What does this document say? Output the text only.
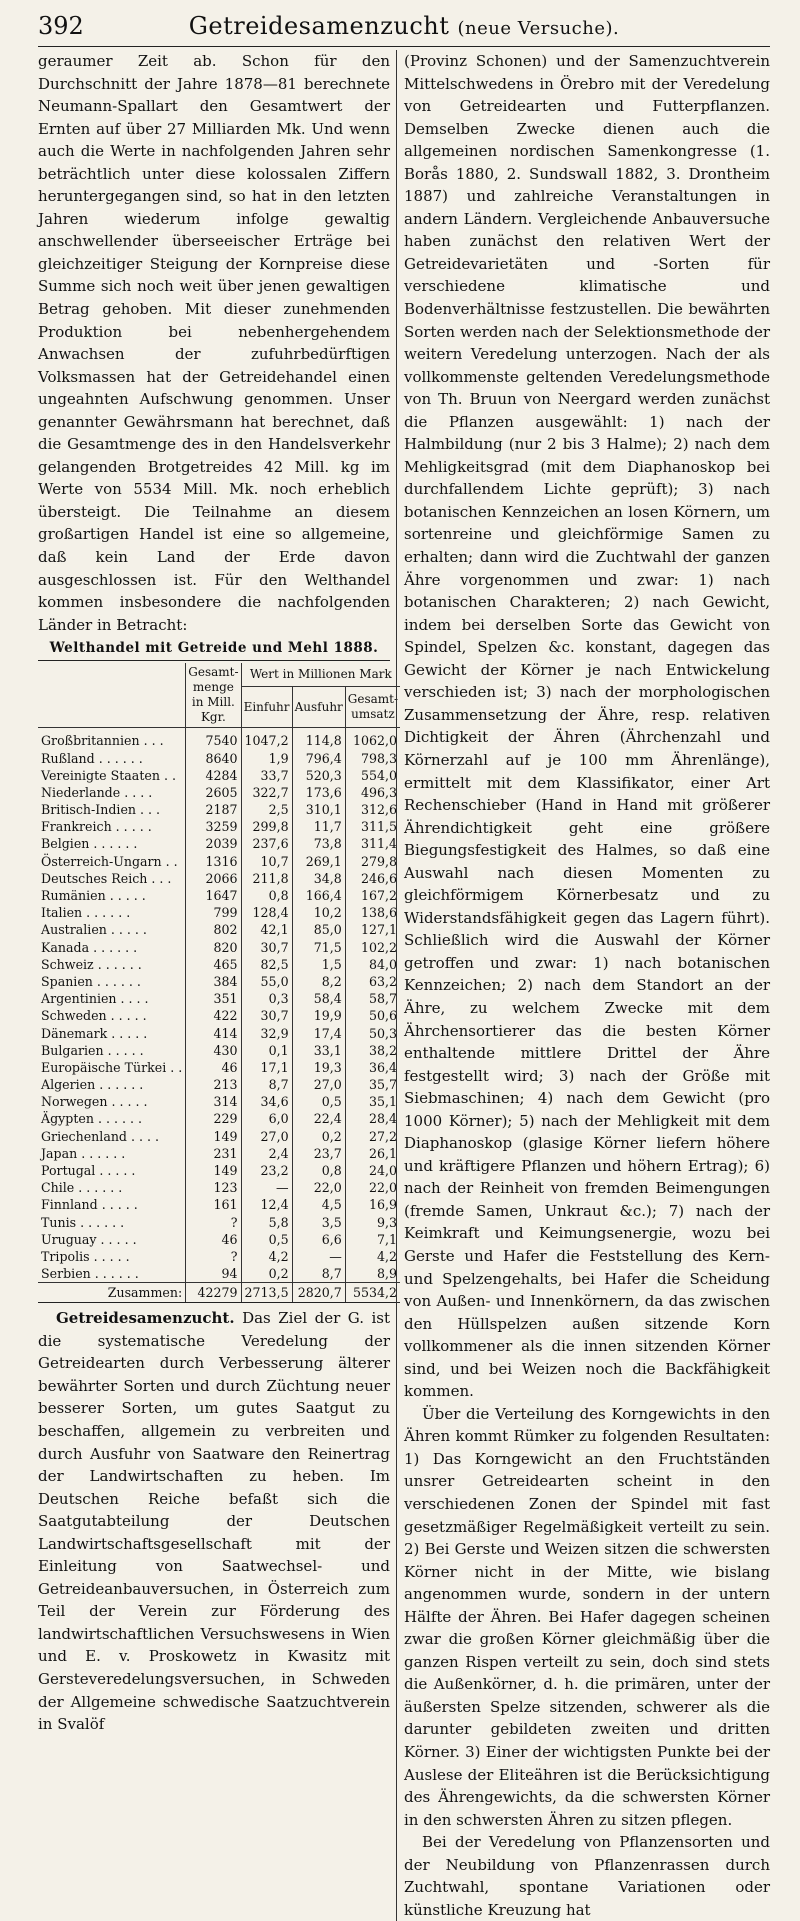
392	Getreidesamenzucht (neue Versuche).

geraumer Zeit ab. Schon für den Durchschnitt der Jahre 1878—81 berechnete Neumann-Spallart den Gesamtwert der Ernten auf über 27 Milliarden Mk. Und wenn auch die Werte in nachfolgenden Jahren sehr beträchtlich unter diese kolossalen Ziffern heruntergegangen sind, so hat in den letzten Jahren wiederum infolge gewaltig anschwellender überseeischer Erträge bei gleichzeitiger Steigung der Kornpreise diese Summe sich noch weit über jenen gewaltigen Betrag gehoben. Mit dieser zunehmenden Produktion bei nebenhergehendem Anwachsen der zufuhrbedürftigen Volksmassen hat der Getreidehandel einen ungeahnten Aufschwung genommen. Unser genannter Gewährsmann hat berechnet, daß die Gesamtmenge des in den Handelsverkehr gelangenden Brotgetreides 42 Mill. kg im Werte von 5534 Mill. Mk. noch erheblich übersteigt. Die Teilnahme an diesem großartigen Handel ist eine so allgemeine, daß kein Land der Erde davon ausgeschlossen ist. Für den Welthandel kommen insbesondere die nachfolgenden Länder in Betracht:

Welthandel mit Getreide und Mehl 1888.
	Gesamt-menge in Mill. Kgr.	Wert in Millionen Mark		
		Einfuhr	Ausfuhr	Gesamt-umsatz
Großbritannien . . .	7540	1047,2	114,8	1062,0
Rußland . . . . . .	8640	1,9	796,4	798,3
Vereinigte Staaten . .	4284	33,7	520,3	554,0
Niederlande . . . .	2605	322,7	173,6	496,3
Britisch-Indien . . .	2187	2,5	310,1	312,6
Frankreich . . . . .	3259	299,8	11,7	311,5
Belgien . . . . . .	2039	237,6	73,8	311,4
Österreich-Ungarn . .	1316	10,7	269,1	279,8
Deutsches Reich . . .	2066	211,8	34,8	246,6
Rumänien . . . . .	1647	0,8	166,4	167,2
Italien . . . . . .	799	128,4	10,2	138,6
Australien . . . . .	802	42,1	85,0	127,1
Kanada . . . . . .	820	30,7	71,5	102,2
Schweiz . . . . . .	465	82,5	1,5	84,0
Spanien . . . . . .	384	55,0	8,2	63,2
Argentinien . . . .	351	0,3	58,4	58,7
Schweden . . . . .	422	30,7	19,9	50,6
Dänemark . . . . .	414	32,9	17,4	50,3
Bulgarien . . . . .	430	0,1	33,1	38,2
Europäische Türkei . .	46	17,1	19,3	36,4
Algerien . . . . . .	213	8,7	27,0	35,7
Norwegen . . . . .	314	34,6	0,5	35,1
Ägypten . . . . . .	229	6,0	22,4	28,4
Griechenland . . . .	149	27,0	0,2	27,2
Japan . . . . . .	231	2,4	23,7	26,1
Portugal . . . . .	149	23,2	0,8	24,0
Chile . . . . . .	123	—	22,0	22,0
Finnland . . . . .	161	12,4	4,5	16,9
Tunis . . . . . .	?	5,8	3,5	9,3
Uruguay . . . . .	46	0,5	6,6	7,1
Tripolis . . . . .	?	4,2	—	4,2
Serbien . . . . . .	94	0,2	8,7	8,9
Zusammen:	42279	2713,5	2820,7	5534,2

Getreidesamenzucht. Das Ziel der G. ist die systematische Veredelung der Getreidearten durch Verbesserung älterer bewährter Sorten und durch Züchtung neuer besserer Sorten, um gutes Saatgut zu beschaffen, allgemein zu verbreiten und durch Ausfuhr von Saatware den Reinertrag der Landwirtschaften zu heben. Im Deutschen Reiche befaßt sich die Saatgutabteilung der Deutschen Landwirtschaftsgesellschaft mit der Einleitung von Saatwechsel- und Getreideanbauversuchen, in Österreich zum Teil der Verein zur Förderung des landwirtschaftlichen Versuchswesens in Wien und E. v. Proskowetz in Kwasitz mit Gersteveredelungsversuchen, in Schweden der Allgemeine schwedische Saatzuchtverein in Svalöf

(Provinz Schonen) und der Samenzuchtverein Mittelschwedens in Örebro mit der Veredelung von Getreidearten und Futterpflanzen. Demselben Zwecke dienen auch die allgemeinen nordischen Samenkongresse (1. Borås 1880, 2. Sundswall 1882, 3. Drontheim 1887) und zahlreiche Veranstaltungen in andern Ländern. Vergleichende Anbauversuche haben zunächst den relativen Wert der Getreidevarietäten und -Sorten für verschiedene klimatische und Bodenverhältnisse festzustellen. Die bewährten Sorten werden nach der Selektionsmethode der weitern Veredelung unterzogen. Nach der als vollkommenste geltenden Veredelungsmethode von Th. Bruun von Neergard werden zunächst die Pflanzen ausgewählt: 1) nach der Halmbildung (nur 2 bis 3 Halme); 2) nach dem Mehligkeitsgrad (mit dem Diaphanoskop bei durchfallendem Lichte geprüft); 3) nach botanischen Kennzeichen an losen Körnern, um sortenreine und gleichförmige Samen zu erhalten; dann wird die Zuchtwahl der ganzen Ähre vorgenommen und zwar: 1) nach botanischen Charakteren; 2) nach Gewicht, indem bei derselben Sorte das Gewicht von Spindel, Spelzen &c. konstant, dagegen das Gewicht der Körner je nach Entwickelung verschieden ist; 3) nach der morphologischen Zusammensetzung der Ähre, resp. relativen Dichtigkeit der Ähren (Ährchenzahl und Körnerzahl auf je 100 mm Ährenlänge), ermittelt mit dem Klassifikator, einer Art Rechenschieber (Hand in Hand mit größerer Ährendichtigkeit geht eine größere Biegungsfestigkeit des Halmes, so daß eine Auswahl nach diesen Momenten zu gleichförmigem Körnerbesatz und zu Widerstandsfähigkeit gegen das Lagern führt). Schließlich wird die Auswahl der Körner getroffen und zwar: 1) nach botanischen Kennzeichen; 2) nach dem Standort an der Ähre, zu welchem Zwecke mit dem Ährchensortierer das die besten Körner enthaltende mittlere Drittel der Ähre festgestellt wird; 3) nach der Größe mit Siebmaschinen; 4) nach dem Gewicht (pro 1000 Körner); 5) nach der Mehligkeit mit dem Diaphanoskop (glasige Körner liefern höhere und kräftigere Pflanzen und höhern Ertrag); 6) nach der Reinheit von fremden Beimengungen (fremde Samen, Unkraut &c.); 7) nach der Keimkraft und Keimungsenergie, wozu bei Gerste und Hafer die Feststellung des Kern- und Spelzengehalts, bei Hafer die Scheidung von Außen- und Innenkörnern, da das zwischen den Hüllspelzen außen sitzende Korn vollkommener als die innen sitzenden Körner sind, und bei Weizen noch die Backfähigkeit kommen.

Über die Verteilung des Korngewichts in den Ähren kommt Rümker zu folgenden Resultaten: 1) Das Korngewicht an den Fruchtständen unsrer Getreidearten scheint in den verschiedenen Zonen der Spindel mit fast gesetzmäßiger Regelmäßigkeit verteilt zu sein. 2) Bei Gerste und Weizen sitzen die schwersten Körner nicht in der Mitte, wie bislang angenommen wurde, sondern in der untern Hälfte der Ähren. Bei Hafer dagegen scheinen zwar die großen Körner gleichmäßig über die ganzen Rispen verteilt zu sein, doch sind stets die Außenkörner, d. h. die primären, unter der äußersten Spelze sitzenden, schwerer als die darunter gebildeten zweiten und dritten Körner. 3) Einer der wichtigsten Punkte bei der Auslese der Eliteähren ist die Berücksichtigung des Ährengewichts, da die schwersten Körner in den schwersten Ähren zu sitzen pflegen.

Bei der Veredelung von Pflanzensorten und der Neubildung von Pflanzenrassen durch Zuchtwahl, spontane Variationen oder künstliche Kreuzung hat
